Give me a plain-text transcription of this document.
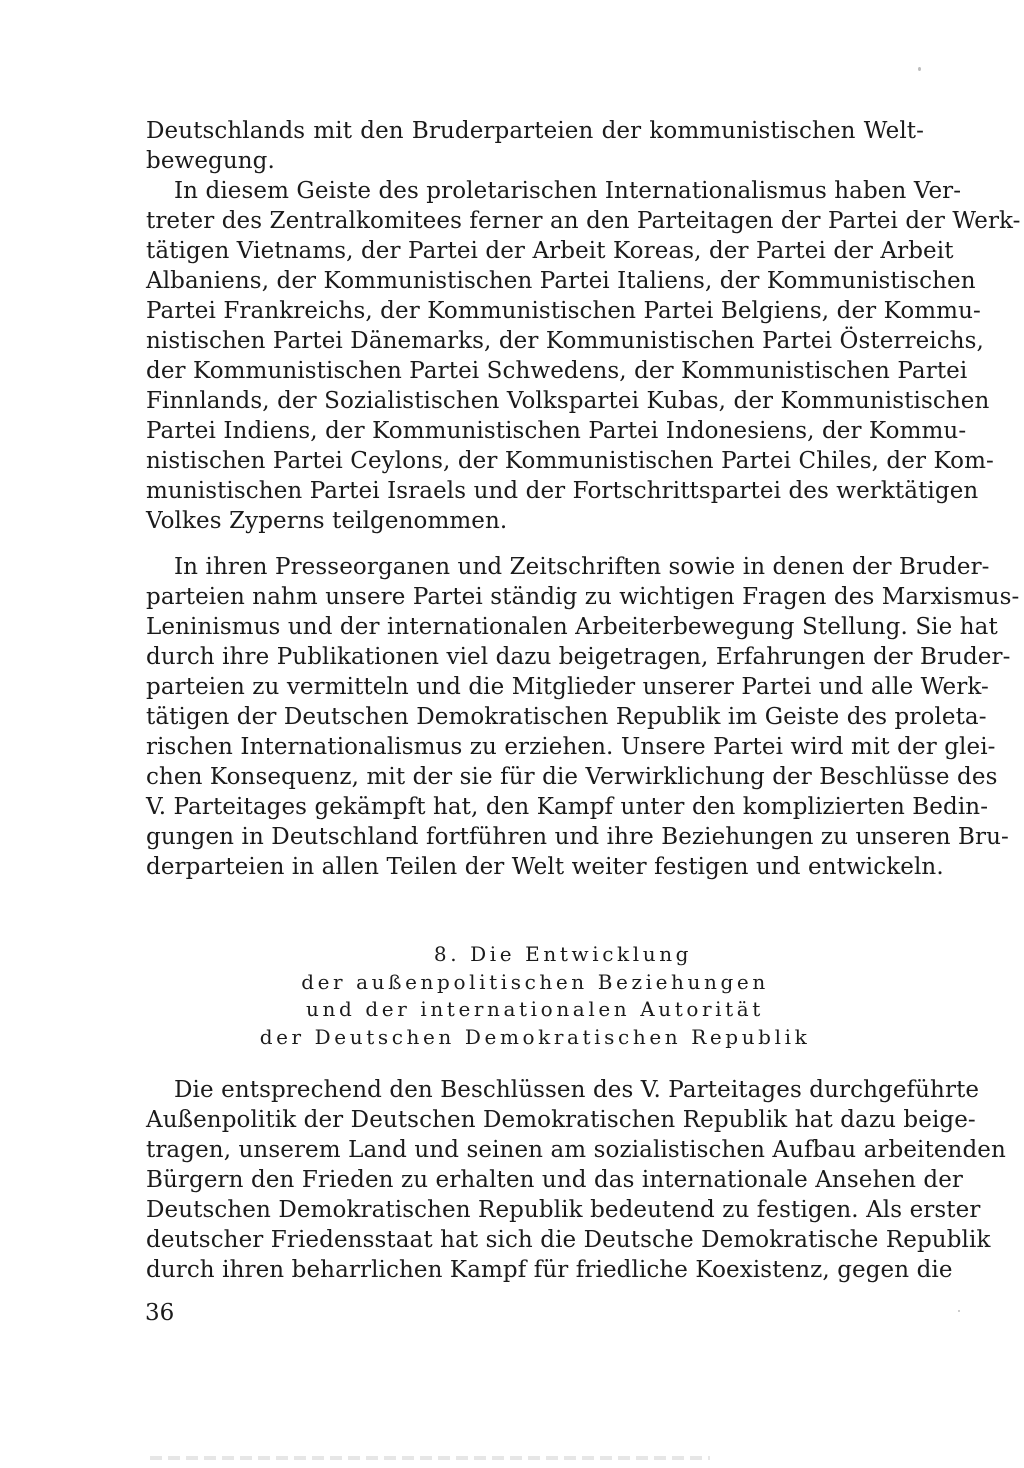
Deutschlands mit den Bruderparteien der kommunistischen Welt-
bewegung.
In diesem Geiste des proletarischen Internationalismus haben Ver-
treter des Zentralkomitees ferner an den Parteitagen der Partei der Werk-
tätigen Vietnams, der Partei der Arbeit Koreas, der Partei der Arbeit
Albaniens, der Kommunistischen Partei Italiens, der Kommunistischen
Partei Frankreichs, der Kommunistischen Partei Belgiens, der Kommu-
nistischen Partei Dänemarks, der Kommunistischen Partei Österreichs,
der Kommunistischen Partei Schwedens, der Kommunistischen Partei
Finnlands, der Sozialistischen Volkspartei Kubas, der Kommunistischen
Partei Indiens, der Kommunistischen Partei Indonesiens, der Kommu-
nistischen Partei Ceylons, der Kommunistischen Partei Chiles, der Kom-
munistischen Partei Israels und der Fortschrittspartei des werktätigen
Volkes Zyperns teilgenommen.
In ihren Presseorganen und Zeitschriften sowie in denen der Bruder-
parteien nahm unsere Partei ständig zu wichtigen Fragen des Marxismus-
Leninismus und der internationalen Arbeiterbewegung Stellung. Sie hat
durch ihre Publikationen viel dazu beigetragen, Erfahrungen der Bruder-
parteien zu vermitteln und die Mitglieder unserer Partei und alle Werk-
tätigen der Deutschen Demokratischen Republik im Geiste des proleta-
rischen Internationalismus zu erziehen. Unsere Partei wird mit der glei-
chen Konsequenz, mit der sie für die Verwirklichung der Beschlüsse des
V. Parteitages gekämpft hat, den Kampf unter den komplizierten Bedin-
gungen in Deutschland fortführen und ihre Beziehungen zu unseren Bru-
derparteien in allen Teilen der Welt weiter festigen und entwickeln.
8. Die Entwicklung
der außenpolitischen Beziehungen
und der internationalen Autorität
der Deutschen Demokratischen Republik
Die entsprechend den Beschlüssen des V. Parteitages durchgeführte
Außenpolitik der Deutschen Demokratischen Republik hat dazu beige-
tragen, unserem Land und seinen am sozialistischen Aufbau arbeitenden
Bürgern den Frieden zu erhalten und das internationale Ansehen der
Deutschen Demokratischen Republik bedeutend zu festigen. Als erster
deutscher Friedensstaat hat sich die Deutsche Demokratische Republik
durch ihren beharrlichen Kampf für friedliche Koexistenz, gegen die
36
